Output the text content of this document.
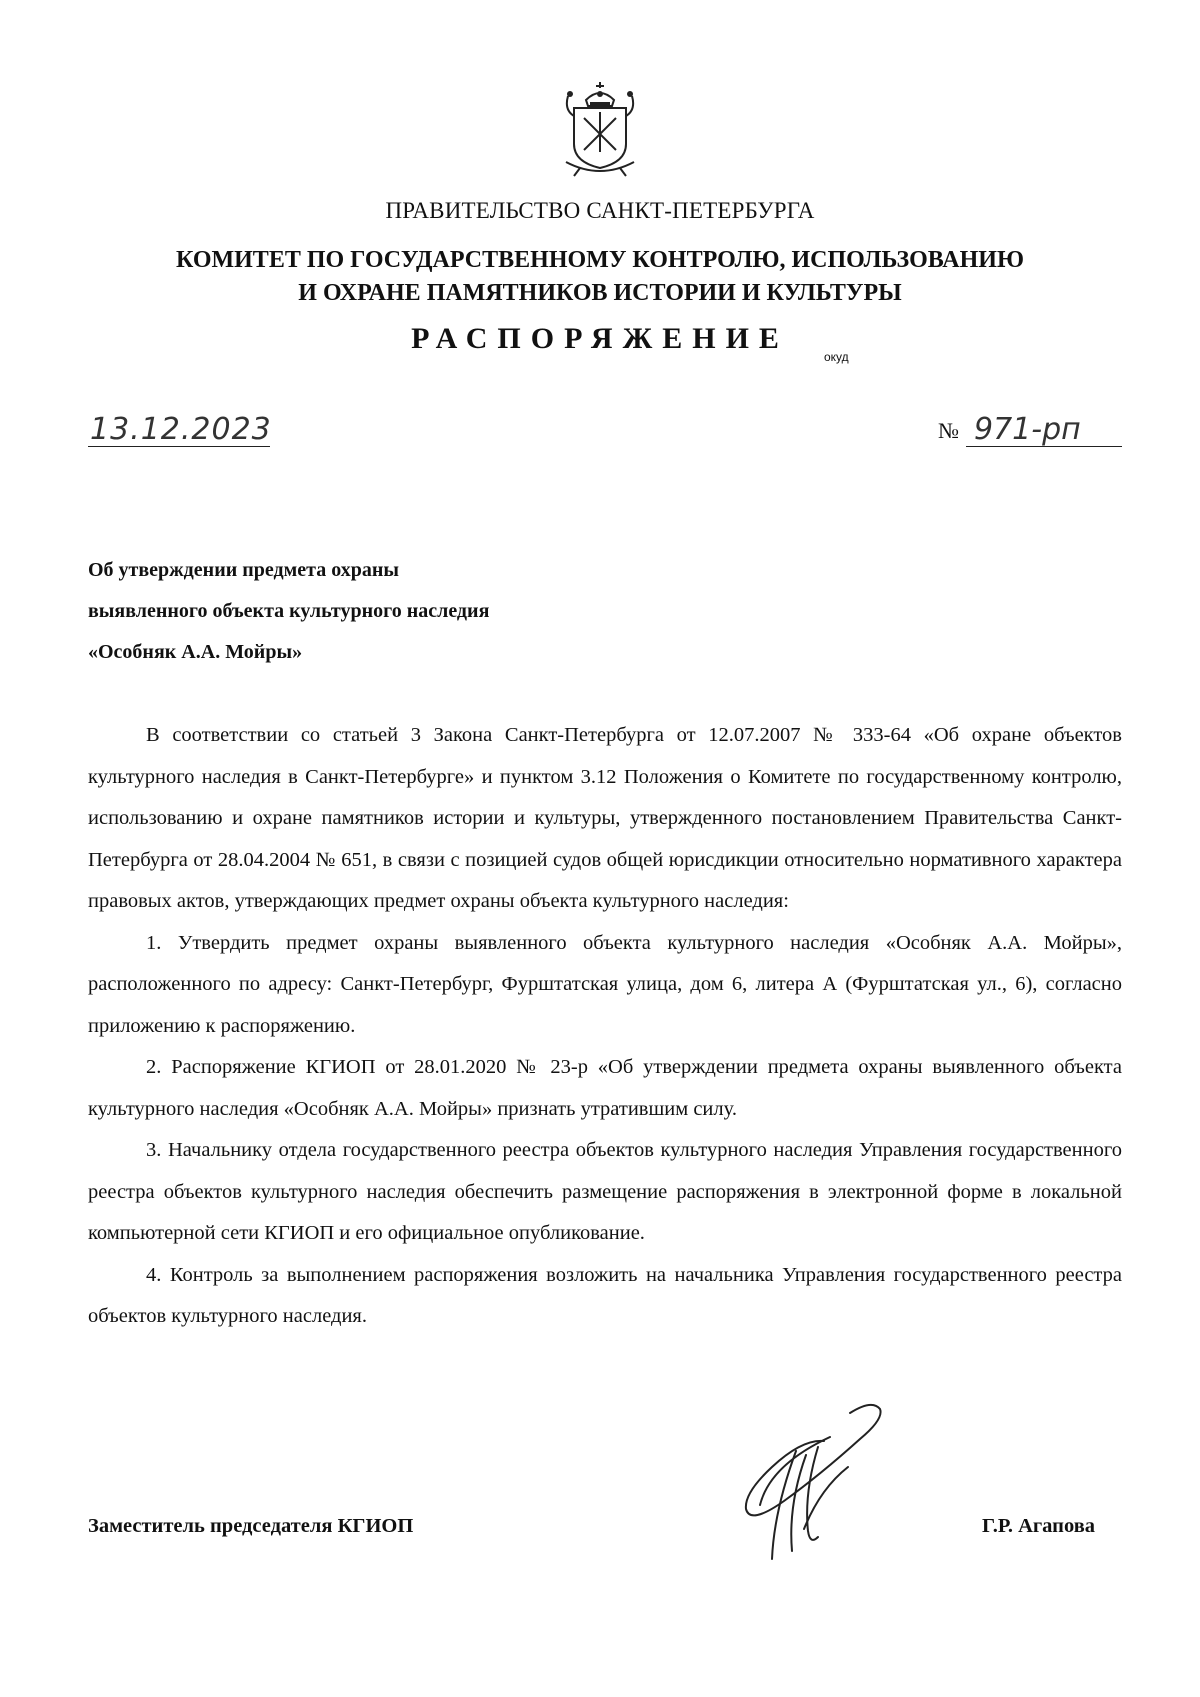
ПРАВИТЕЛЬСТВО САНКТ-ПЕТЕРБУРГА
КОМИТЕТ ПО ГОСУДАРСТВЕННОМУ КОНТРОЛЮ, ИСПОЛЬЗОВАНИЮ
И ОХРАНЕ ПАМЯТНИКОВ ИСТОРИИ И КУЛЬТУРЫ
РАСПОРЯЖЕНИЕ
окуд
13.12.2023	№ 971-рп
Об утверждении предмета охраны
выявленного объекта культурного наследия
«Особняк А.А. Мойры»

В соответствии со статьей 3 Закона Санкт-Петербурга от 12.07.2007 № 333-64 «Об охране объектов культурного наследия в Санкт-Петербурге» и пунктом 3.12 Положения о Комитете по государственному контролю, использованию и охране памятников истории и культуры, утвержденного постановлением Правительства Санкт-Петербурга от 28.04.2004 № 651, в связи с позицией судов общей юрисдикции относительно нормативного характера правовых актов, утверждающих предмет охраны объекта культурного наследия:

1. Утвердить предмет охраны выявленного объекта культурного наследия «Особняк А.А. Мойры», расположенного по адресу: Санкт-Петербург, Фурштатская улица, дом 6, литера А (Фурштатская ул., 6), согласно приложению к распоряжению.

2. Распоряжение КГИОП от 28.01.2020 № 23-р «Об утверждении предмета охраны выявленного объекта культурного наследия «Особняк А.А. Мойры» признать утратившим силу.

3. Начальнику отдела государственного реестра объектов культурного наследия Управления государственного реестра объектов культурного наследия обеспечить размещение распоряжения в электронной форме в локальной компьютерной сети КГИОП и его официальное опубликование.

4. Контроль за выполнением распоряжения возложить на начальника Управления государственного реестра объектов культурного наследия.

Заместитель председателя КГИОП	Г.Р. Агапова
